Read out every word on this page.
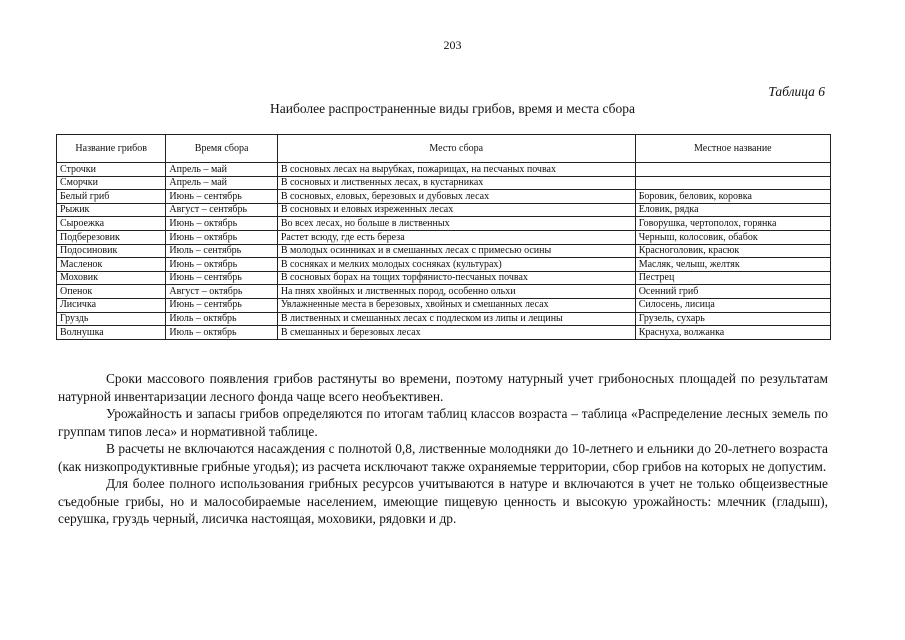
203
Таблица 6
Наиболее распространенные виды грибов, время и места сбора
Название грибов	Время сбора	Место сбора	Местное название
Строчки	Апрель – май	В сосновых лесах на вырубках, пожарищах, на песчаных почвах	
Сморчки	Апрель – май	В сосновых и лиственных лесах, в кустарниках	
Белый гриб	Июнь – сентябрь	В сосновых, еловых, березовых и дубовых лесах	Боровик, беловик, коровка
Рыжик	Август – сентябрь	В сосновых и еловых изреженных лесах	Еловик, рядка
Сыроежка	Июнь – октябрь	Во всех лесах, но больше в лиственных	Говорушка, чертополох, горянка
Подберезовик	Июнь – октябрь	Растет всюду, где есть береза	Черныш, колосовик, обабок
Подосиновик	Июль – сентябрь	В молодых осинниках и в смешанных лесах с примесью осины	Красноголовик, красюк
Масленок	Июнь – октябрь	В сосняках и мелких молодых сосняках (культурах)	Масляк, челыш, желтяк
Моховик	Июнь – сентябрь	В сосновых борах на тощих торфянисто-песчаных почвах	Пестрец
Опенок	Август – октябрь	На пнях хвойных и лиственных пород, особенно ольхи	Осенний гриб
Лисичка	Июнь – сентябрь	Увлажненные места в березовых, хвойных и смешанных лесах	Силосень, лисица
Груздь	Июль – октябрь	В лиственных и смешанных лесах с подлеском из липы и лещины	Грузель, сухарь
Волнушка	Июль – октябрь	В смешанных и березовых лесах	Краснуха, волжанка

Сроки массового появления грибов растянуты во времени, поэтому натурный учет грибоносных площадей по результатам натурной инвентаризации лесного фонда чаще всего необъективен.

Урожайность и запасы грибов определяются по итогам таблиц классов возраста – таблица «Распределение лесных земель по группам типов леса» и нормативной таблице.

В расчеты не включаются насаждения с полнотой 0,8, лиственные молодняки до 10-летнего и ельники до 20-летнего возраста (как низкопродуктивные грибные угодья); из расчета исключают также охраняемые территории, сбор грибов на которых не допустим.

Для более полного использования грибных ресурсов учитываются в натуре и включаются в учет не только общеизвестные съедобные грибы, но и малособираемые населением, имеющие пищевую ценность и высокую урожайность: млечник (гладыш), серушка, груздь черный, лисичка настоящая, моховики, рядовки и др.
